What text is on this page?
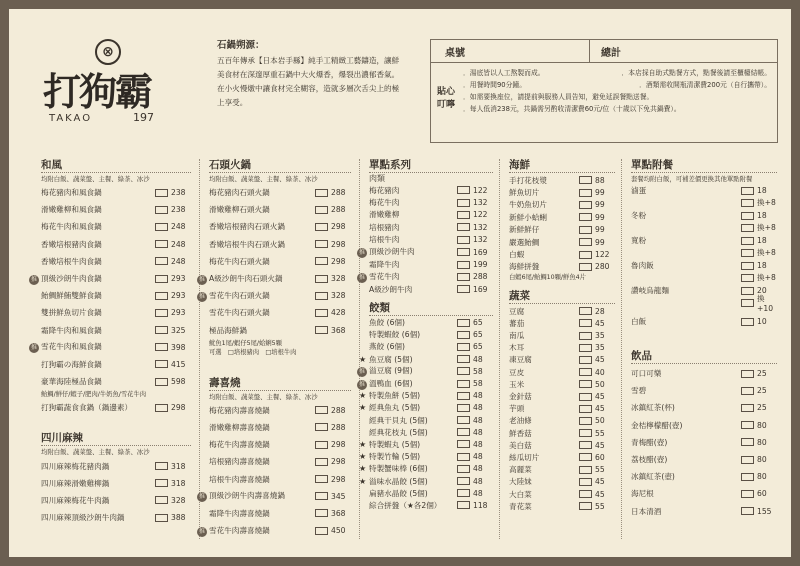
⊗
打狗霸
TAKAO	197
石鍋朔源：
五百年傳承【日本岩手縣】純手工精緻工藝鑄造，讓鮮
美食材在深邃厚重石鍋中大火爆香，爆裂出濃郁香氣。
在小火慢燉中讓食材完全糊容，造就多層次舌尖上的極
上享受。
桌號	總計
貼心叮嚀
．湯底皆以人工熬製而成。	．本店採自助式點餐方式，點餐後請至櫃檯結帳。
．用餐時間90分鐘。	．酒類需收開瓶清潔費200元（自行攜帶）。
．如需要換座位，請提前與服務人員告知，避免延誤餐點送餐。
．每人低消238元，共鍋需另酌收清潔費60元/位（十歲以下免共鍋費）。
和風
均附白飯、蔬菜盤、主餐、綠茶、冰沙
梅花豬肉和風食鍋	238
滑嫩雞柳和風食鍋	238
梅花牛肉和風食鍋	248
香嫩培根豬肉食鍋	248
香嫩培根牛肉食鍋	248
推 頂級沙朗牛肉食鍋	293
鮐鯛鮮鮪雙鮮食鍋	293
雙拼鮮魚切片食鍋	293
霜降牛肉和風食鍋	325
推 雪花牛肉和風食鍋	398
打狗霸の海鮮食鍋	415
豪華海陸極品食鍋	598
鮐鯛/鮮仔/蝦子/肥肉/牛奶魚/雪花牛肉
打狗霸蔬食食鍋（鍋邊素）	298
四川麻辣
均附白飯、蔬菜盤、主餐、綠茶、冰沙
四川麻辣梅花豬肉鍋	318
四川麻辣滑嫩雞柳鍋	318
四川麻辣梅花牛肉鍋	328
四川麻辣頂級沙朗牛肉鍋	388
石頭火鍋
均附白飯、蔬菜盤、主餐、綠茶、冰沙
梅花豬肉石頭火鍋	288
滑嫩雞柳石頭火鍋	288
香嫩培根豬肉石頭火鍋	298
香嫩培根牛肉石頭火鍋	298
梅花牛肉石頭火鍋	298
推 A級沙朗牛肉石頭火鍋	328
推 雪花牛肉石頭火鍋	328
雪花牛肉石頭火鍋	428
極品海鮮鍋	368
魷魚1尾/蝦仔5尾/蛤蜊5顆
可選　□培根豬肉　□培根牛肉
壽喜燒
均附白飯、蔬菜盤、主餐、綠茶、冰沙
梅花豬肉壽喜燒鍋	288
滑嫩雞柳壽喜燒鍋	288
梅花牛肉壽喜燒鍋	298
培根豬肉壽喜燒鍋	298
培根牛肉壽喜燒鍋	298
推 頂級沙朗牛肉壽喜燒鍋	345
霜降牛肉壽喜燒鍋	368
推 雪花牛肉壽喜燒鍋	450
單點系列
肉類
梅花豬肉	122
梅花牛肉	132
滑嫩雞柳	122
培根豬肉	132
培根牛肉	132
推 頂級沙朗牛肉	169
霜降牛肉	199
推 雪花牛肉	288
A級沙朗牛肉	169
餃類
魚餃 (6個)	65
特製蝦餃 (6個)	65
燕餃 (6個)	65
★ 魚豆腐 (5個)	48
推 溢豆腐 (9個)	58
推 溫鴨血 (6個)	58
★ 特製魚餅 (5個)	48
★ 經典魚丸 (5個)	48
經典干貝丸 (5個)	48
經典花枝丸 (5個)	48
★ 特製蝦丸 (5個)	48
★ 特製竹輪 (5個)	48
★ 特製蟹味棒 (6個)	48
★ 溢味水晶餃 (5個)	48
扁豬水晶餃 (5個)	48
綜合拼盤（★各2個）	118
海鮮
手打花枝漿	88
鮮魚切片	99
牛奶魚切片	99
新鮮小蛤蜊	99
新鮮鮮仔	99
嚴選鮐鯛	99
白蝦	122
海鮮拼盤	280
白蝦6尾/鮐鯛10顆/鮮魚4片
蔬菜
豆腐	28
蕃茄	45
南瓜	35
木耳	35
凍豆腐	45
豆皮	40
玉米	50
金針菇	45
芋頭	45
老油條	50
鮮香菇	55
美白菇	45
絲瓜切片	60
高麗菜	55
大陸妹	45
大白菜	45
青花菜	55
單點附餐
套餐均附白飯，可補差價更換其他單點附餐
滷蛋	18
換+8
冬粉	18
換+8
寬粉	18
換+8
魯肉飯	18
換+8
讚岐烏龍麵	20
換+10
白飯	10
飲品
可口可樂	25
雪碧	25
冰鎮紅茶(杯)	25
金桔檸檬醋(壺)	80
青梅醋(壺)	80
荔枝醋(壺)	80
冰鎮紅茶(壺)	80
海尼根	60
日本清酒	155
